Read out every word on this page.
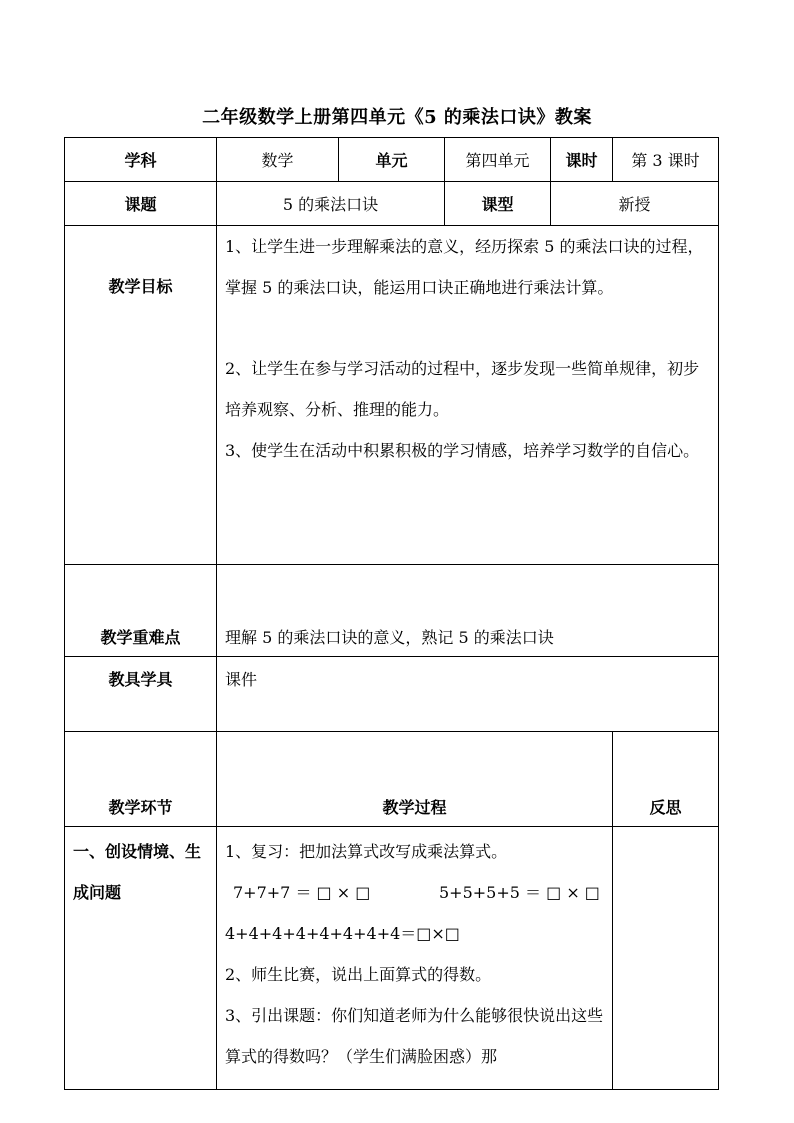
二年级数学上册第四单元《5 的乘法口诀》教案
学科	数学	单元	第四单元	课时	第 3 课时
课题	5 的乘法口诀		课型	新授	
教学目标	1、让学生进一步理解乘法的意义，经历探索 5 的乘法口诀的过程，掌握 5 的乘法口诀，能运用口诀正确地进行乘法计算。
2、让学生在参与学习活动的过程中，逐步发现一些简单规律，初步培养观察、分析、推理的能力。
3、使学生在活动中积累积极的学习情感，培养学习数学的自信心。				

教学重难点	理解 5 的乘法口诀的意义，熟记 5 的乘法口诀				
教具学具	课件				
教学环节	教学过程				反思
一、创设情境、生成问题	1、复习：把加法算式改写成乘法算式。
7+7+7 ＝ □ × □ 5+5+5+5 ＝ □ × □
4+4+4+4+4+4+4+4＝□×□
2、师生比赛，说出上面算式的得数。
3、引出课题：你们知道老师为什么能够很快说出这些算式的得数吗？（学生们满脸困惑）那				
